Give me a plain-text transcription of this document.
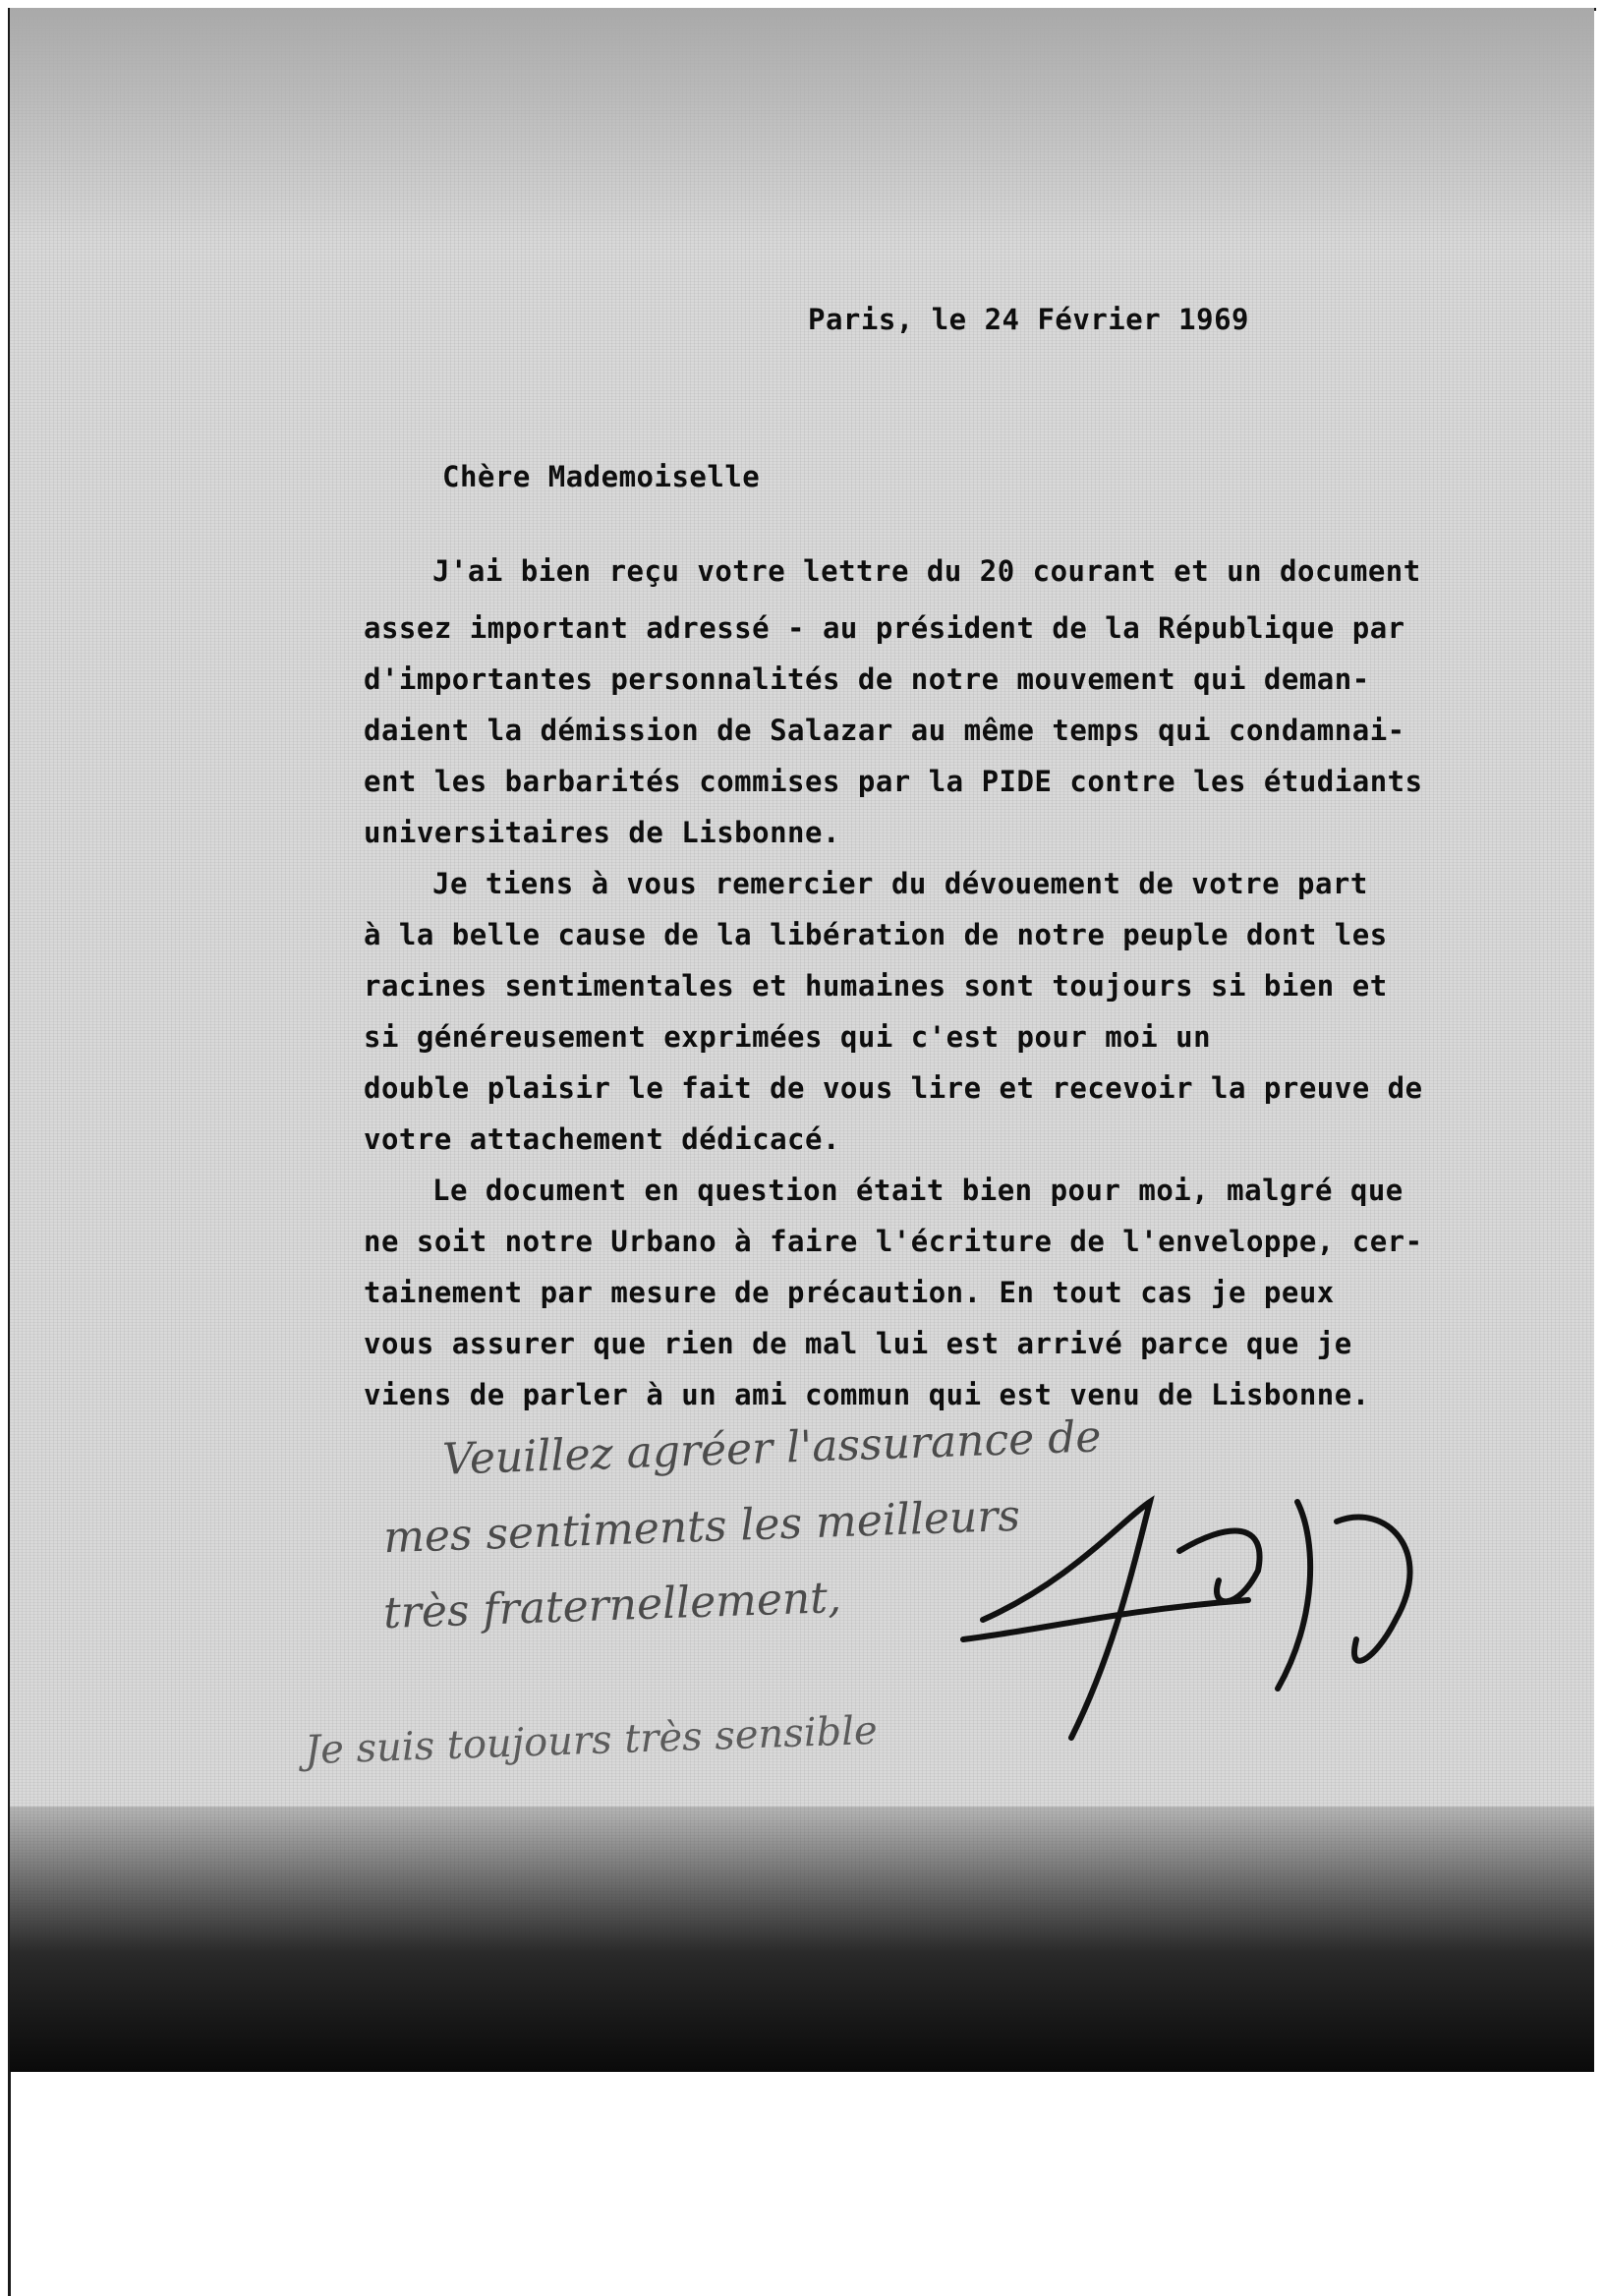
Paris, le 24 Février 1969
Chère Mademoiselle
J'ai bien reçu votre lettre du 20 courant et un document
assez important adressé - au président de la République par
d'importantes personnalités de notre mouvement qui deman-
daient la démission de Salazar au même temps qui condamnai-
ent les barbarités commises par la PIDE contre les étudiants
universitaires de Lisbonne.
Je tiens à vous remercier du dévouement de votre part
à la belle cause de la libération de notre peuple dont les
racines sentimentales et humaines sont toujours si bien et
si généreusement exprimées qui c'est pour moi un
double plaisir le fait de vous lire et recevoir la preuve de
votre attachement dédicacé.
Le document en question était bien pour moi, malgré que
ne soit notre Urbano à faire l'écriture de l'enveloppe, cer-
tainement par mesure de précaution. En tout cas je peux
vous assurer que rien de mal lui est arrivé parce que je
viens de parler à un ami commun qui est venu de Lisbonne.
Veuillez agréer l'assurance de
mes sentiments les meilleurs
très fraternellement,
Je suis toujours très sensible
